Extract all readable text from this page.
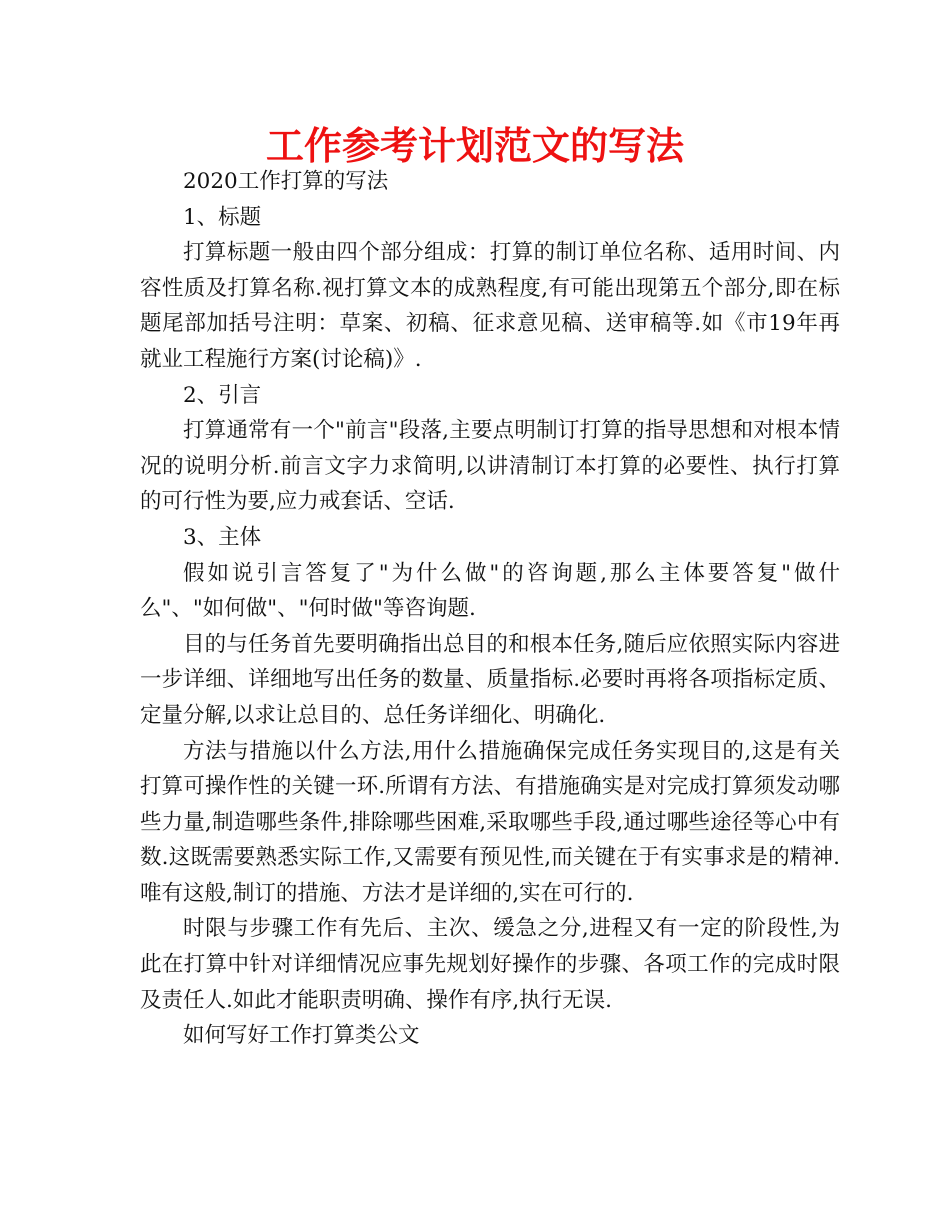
工作参考计划范文的写法

2020工作打算的写法

1、标题

打算标题一般由四个部分组成：打算的制订单位名称、适用时间、内容性质及打算名称.视打算文本的成熟程度,有可能出现第五个部分,即在标题尾部加括号注明：草案、初稿、征求意见稿、送审稿等.如《市19年再就业工程施行方案(讨论稿)》.

2、引言

打算通常有一个"前言"段落,主要点明制订打算的指导思想和对根本情况的说明分析.前言文字力求简明,以讲清制订本打算的必要性、执行打算的可行性为要,应力戒套话、空话.

3、主体

假如说引言答复了"为什么做"的咨询题,那么主体要答复"做什么"、"如何做"、"何时做"等咨询题.

目的与任务首先要明确指出总目的和根本任务,随后应依照实际内容进一步详细、详细地写出任务的数量、质量指标.必要时再将各项指标定质、定量分解,以求让总目的、总任务详细化、明确化.

方法与措施以什么方法,用什么措施确保完成任务实现目的,这是有关打算可操作性的关键一环.所谓有方法、有措施确实是对完成打算须发动哪些力量,制造哪些条件,排除哪些困难,采取哪些手段,通过哪些途径等心中有数.这既需要熟悉实际工作,又需要有预见性,而关键在于有实事求是的精神.唯有这般,制订的措施、方法才是详细的,实在可行的.

时限与步骤工作有先后、主次、缓急之分,进程又有一定的阶段性,为此在打算中针对详细情况应事先规划好操作的步骤、各项工作的完成时限及责任人.如此才能职责明确、操作有序,执行无误.

如何写好工作打算类公文
